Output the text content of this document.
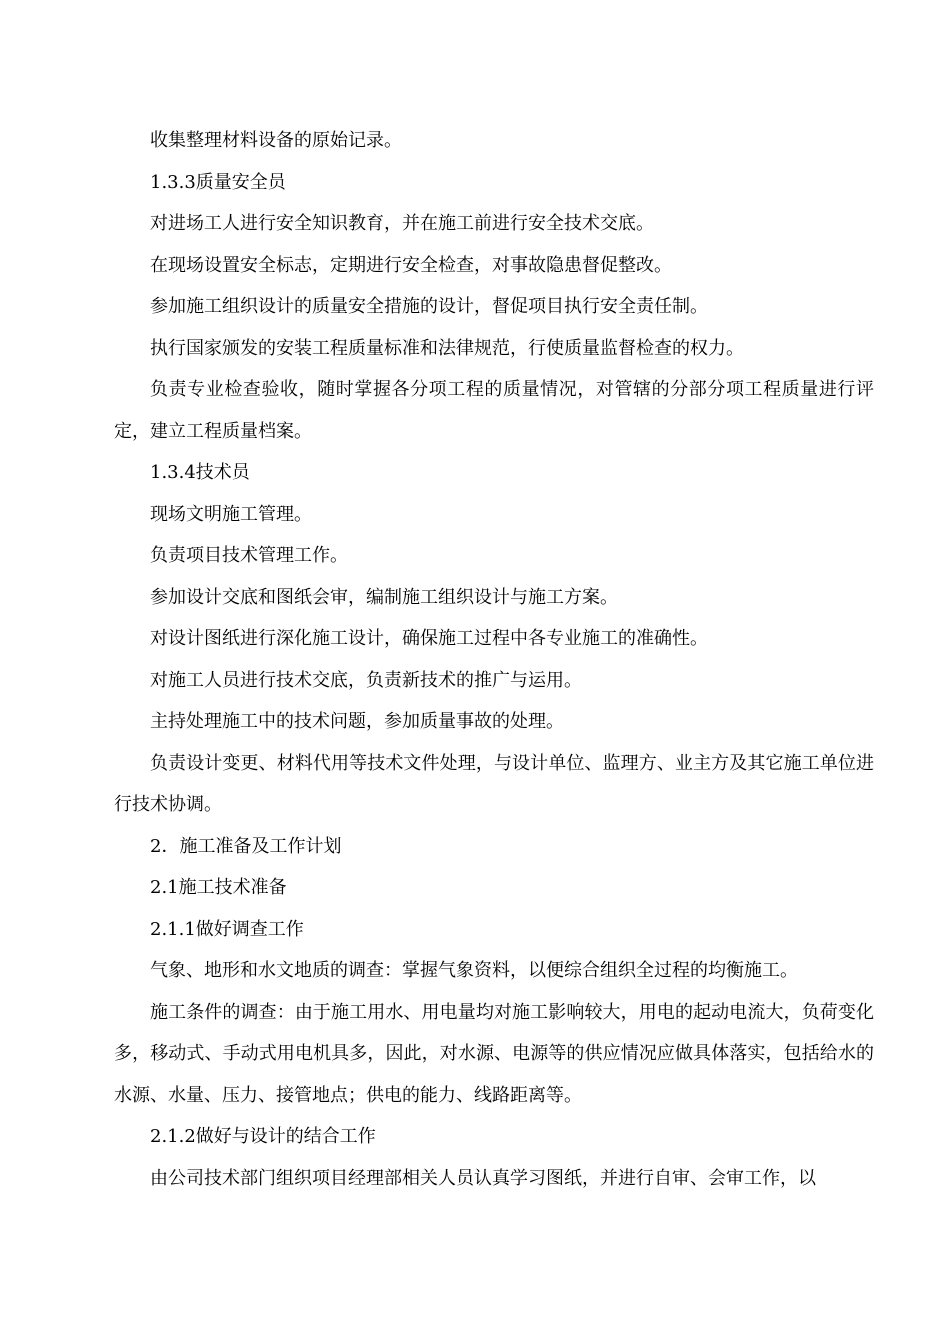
收集整理材料设备的原始记录。

1.3.3质量安全员

对进场工人进行安全知识教育，并在施工前进行安全技术交底。

在现场设置安全标志，定期进行安全检查，对事故隐患督促整改。

参加施工组织设计的质量安全措施的设计，督促项目执行安全责任制。

执行国家颁发的安装工程质量标准和法律规范，行使质量监督检查的权力。

负责专业检查验收，随时掌握各分项工程的质量情况，对管辖的分部分项工程质量进行评定，建立工程质量档案。

1.3.4技术员

现场文明施工管理。

负责项目技术管理工作。

参加设计交底和图纸会审，编制施工组织设计与施工方案。

对设计图纸进行深化施工设计，确保施工过程中各专业施工的准确性。

对施工人员进行技术交底，负责新技术的推广与运用。

主持处理施工中的技术问题，参加质量事故的处理。

负责设计变更、材料代用等技术文件处理，与设计单位、监理方、业主方及其它施工单位进行技术协调。

2．施工准备及工作计划

2.1施工技术准备

2.1.1做好调查工作

气象、地形和水文地质的调查：掌握气象资料，以便综合组织全过程的均衡施工。

施工条件的调查：由于施工用水、用电量均对施工影响较大，用电的起动电流大，负荷变化多，移动式、手动式用电机具多，因此，对水源、电源等的供应情况应做具体落实，包括给水的水源、水量、压力、接管地点；供电的能力、线路距离等。

2.1.2做好与设计的结合工作

由公司技术部门组织项目经理部相关人员认真学习图纸，并进行自审、会审工作，以
